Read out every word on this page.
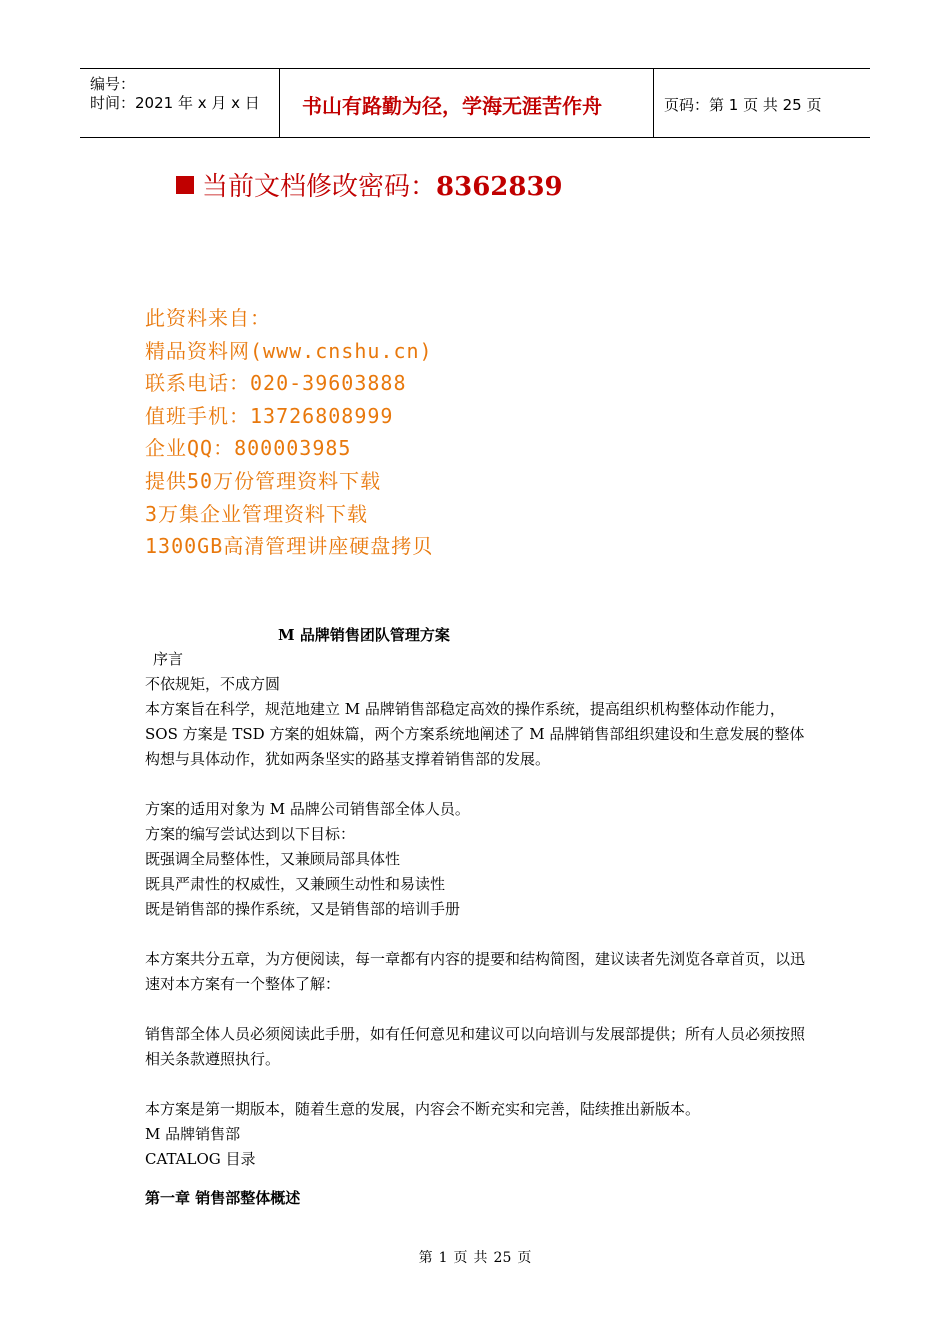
编号：
时间：2021 年 x 月 x 日 书山有路勤为径，学海无涯苦作舟	页码：第 1 页 共 25 页
当前文档修改密码：8362839
此资料来自：
精品资料网(www.cnshu.cn)
联系电话：020-39603888
值班手机：13726808999
企业QQ：800003985
提供50万份管理资料下载
3万集企业管理资料下载
1300GB高清管理讲座硬盘拷贝
M 品牌销售团队管理方案

序言

不依规矩，不成方圆

本方案旨在科学，规范地建立 M 品牌销售部稳定高效的操作系统，提高组织机构整体动作能力，SOS 方案是 TSD 方案的姐妹篇，两个方案系统地阐述了 M 品牌销售部组织建设和生意发展的整体构想与具体动作，犹如两条坚实的路基支撑着销售部的发展。

方案的适用对象为 M 品牌公司销售部全体人员。

方案的编写尝试达到以下目标：

既强调全局整体性，又兼顾局部具体性

既具严肃性的权威性，又兼顾生动性和易读性

既是销售部的操作系统，又是销售部的培训手册

本方案共分五章，为方便阅读，每一章都有内容的提要和结构简图，建议读者先浏览各章首页，以迅速对本方案有一个整体了解：

销售部全体人员必须阅读此手册，如有任何意见和建议可以向培训与发展部提供；所有人员必须按照相关条款遵照执行。

本方案是第一期版本，随着生意的发展，内容会不断充实和完善，陆续推出新版本。

M 品牌销售部

CATALOG 目录

第一章 销售部整体概述

第 1 页 共 25 页
